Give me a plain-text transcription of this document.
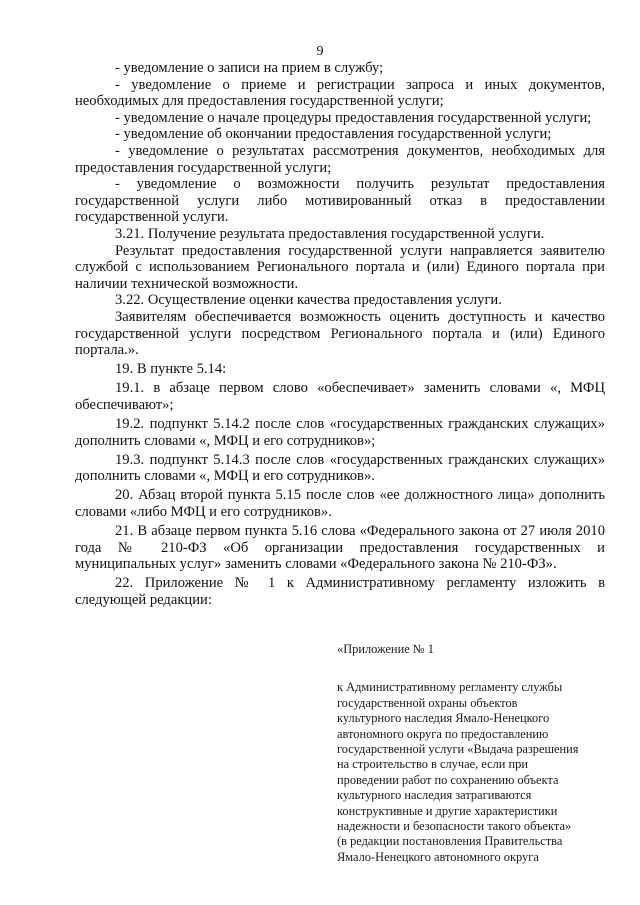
9

- уведомление о записи на прием в службу;

- уведомление о приеме и регистрации запроса и иных документов, необходимых для предоставления государственной услуги;

- уведомление о начале процедуры предоставления государственной услуги;

- уведомление об окончании предоставления государственной услуги;

- уведомление о результатах рассмотрения документов, необходимых для предоставления государственной услуги;

- уведомление о возможности получить результат предоставления государственной услуги либо мотивированный отказ в предоставлении государственной услуги.

3.21. Получение результата предоставления государственной услуги.

Результат предоставления государственной услуги направляется заявителю службой с использованием Регионального портала и (или) Единого портала при наличии технической возможности.

3.22. Осуществление оценки качества предоставления услуги.

Заявителям обеспечивается возможность оценить доступность и качество государственной услуги посредством Регионального портала и (или) Единого портала.».

19. В пункте 5.14:

19.1. в абзаце первом слово «обеспечивает» заменить словами «, МФЦ обеспечивают»;

19.2. подпункт 5.14.2 после слов «государственных гражданских служащих» дополнить словами «, МФЦ и его сотрудников»;

19.3. подпункт 5.14.3 после слов «государственных гражданских служащих» дополнить словами «, МФЦ и его сотрудников».

20. Абзац второй пункта 5.15 после слов «ее должностного лица» дополнить словами «либо МФЦ и его сотрудников».

21. В абзаце первом пункта 5.16 слова «Федерального закона от 27 июля 2010 года № 210-ФЗ «Об организации предоставления государственных и муниципальных услуг» заменить словами «Федерального закона № 210-ФЗ».

22. Приложение № 1 к Административному регламенту изложить в следующей редакции:

«Приложение № 1
к Административному регламенту службы
государственной охраны объектов
культурного наследия Ямало-Ненецкого
автономного округа по предоставлению
государственной услуги «Выдача разрешения
на строительство в случае, если при
проведении работ по сохранению объекта
культурного наследия затрагиваются
конструктивные и другие характеристики
надежности и безопасности такого объекта»
(в редакции постановления Правительства
Ямало-Ненецкого автономного округа
